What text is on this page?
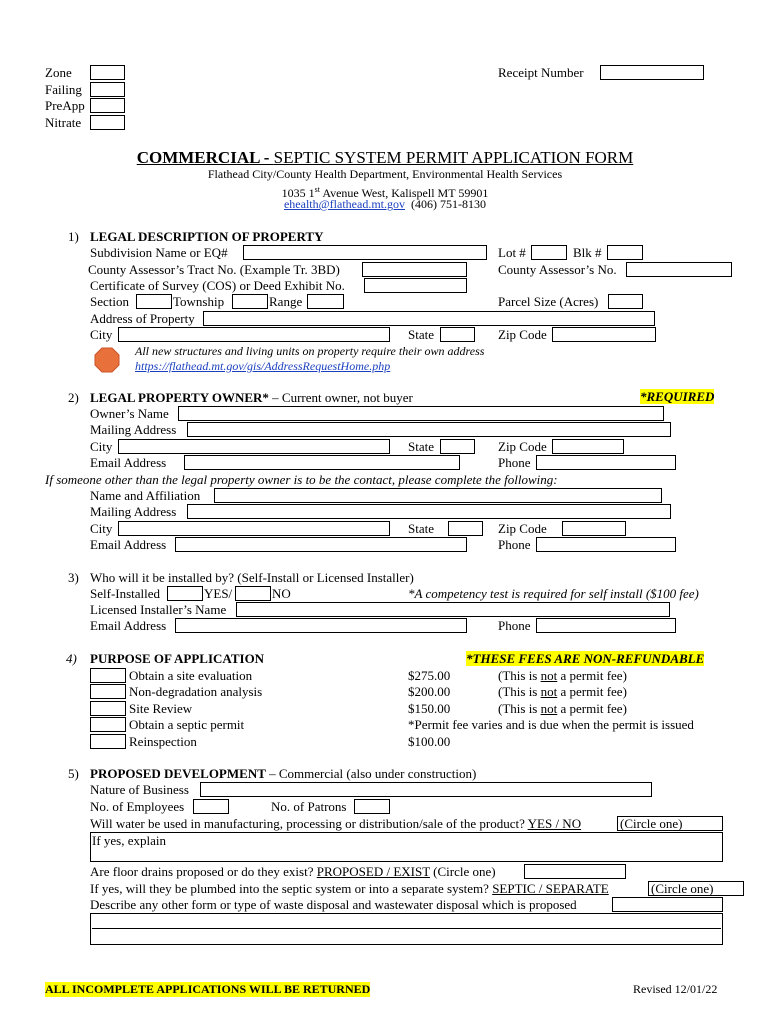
Zone
Failing
PreApp
Nitrate
Receipt Number
COMMERCIAL - SEPTIC SYSTEM PERMIT APPLICATION FORM
Flathead City/County Health Department, Environmental Health Services
1035 1st Avenue West, Kalispell MT 59901
ehealth@flathead.mt.gov (406) 751-8130
1) LEGAL DESCRIPTION OF PROPERTY
Subdivision Name or EQ#	Lot #	Blk #
County Assessor’s Tract No. (Example Tr. 3BD)	County Assessor’s No.
Certificate of Survey (COS) or Deed Exhibit No.
Section	Township	Range	Parcel Size (Acres)
Address of Property
City	State	Zip Code
All new structures and living units on property require their own address
https://flathead.mt.gov/gis/AddressRequestHome.php
2) LEGAL PROPERTY OWNER* – Current owner, not buyer	*REQUIRED
Owner’s Name
Mailing Address
City	State	Zip Code
Email Address	Phone
If someone other than the legal property owner is to be the contact, please complete the following:
Name and Affiliation
Mailing Address
City	State	Zip Code
Email Address	Phone
3) Who will it be installed by? (Self-Install or Licensed Installer)
Self-Installed	YES/	NO	*A competency test is required for self install ($100 fee)
Licensed Installer’s Name
Email Address	Phone
4) PURPOSE OF APPLICATION	*THESE FEES ARE NON-REFUNDABLE
Obtain a site evaluation	$275.00	(This is not a permit fee)
Non-degradation analysis	$200.00	(This is not a permit fee)
Site Review	$150.00	(This is not a permit fee)
Obtain a septic permit	*Permit fee varies and is due when the permit is issued
Reinspection	$100.00
5) PROPOSED DEVELOPMENT – Commercial (also under construction)
Nature of Business
No. of Employees	No. of Patrons
Will water be used in manufacturing, processing or distribution/sale of the product? YES / NO	(Circle one)
If yes, explain
Are floor drains proposed or do they exist? PROPOSED / EXIST (Circle one)
If yes, will they be plumbed into the septic system or into a separate system? SEPTIC / SEPARATE	(Circle one)
Describe any other form or type of waste disposal and wastewater disposal which is proposed
ALL INCOMPLETE APPLICATIONS WILL BE RETURNED	Revised 12/01/22
